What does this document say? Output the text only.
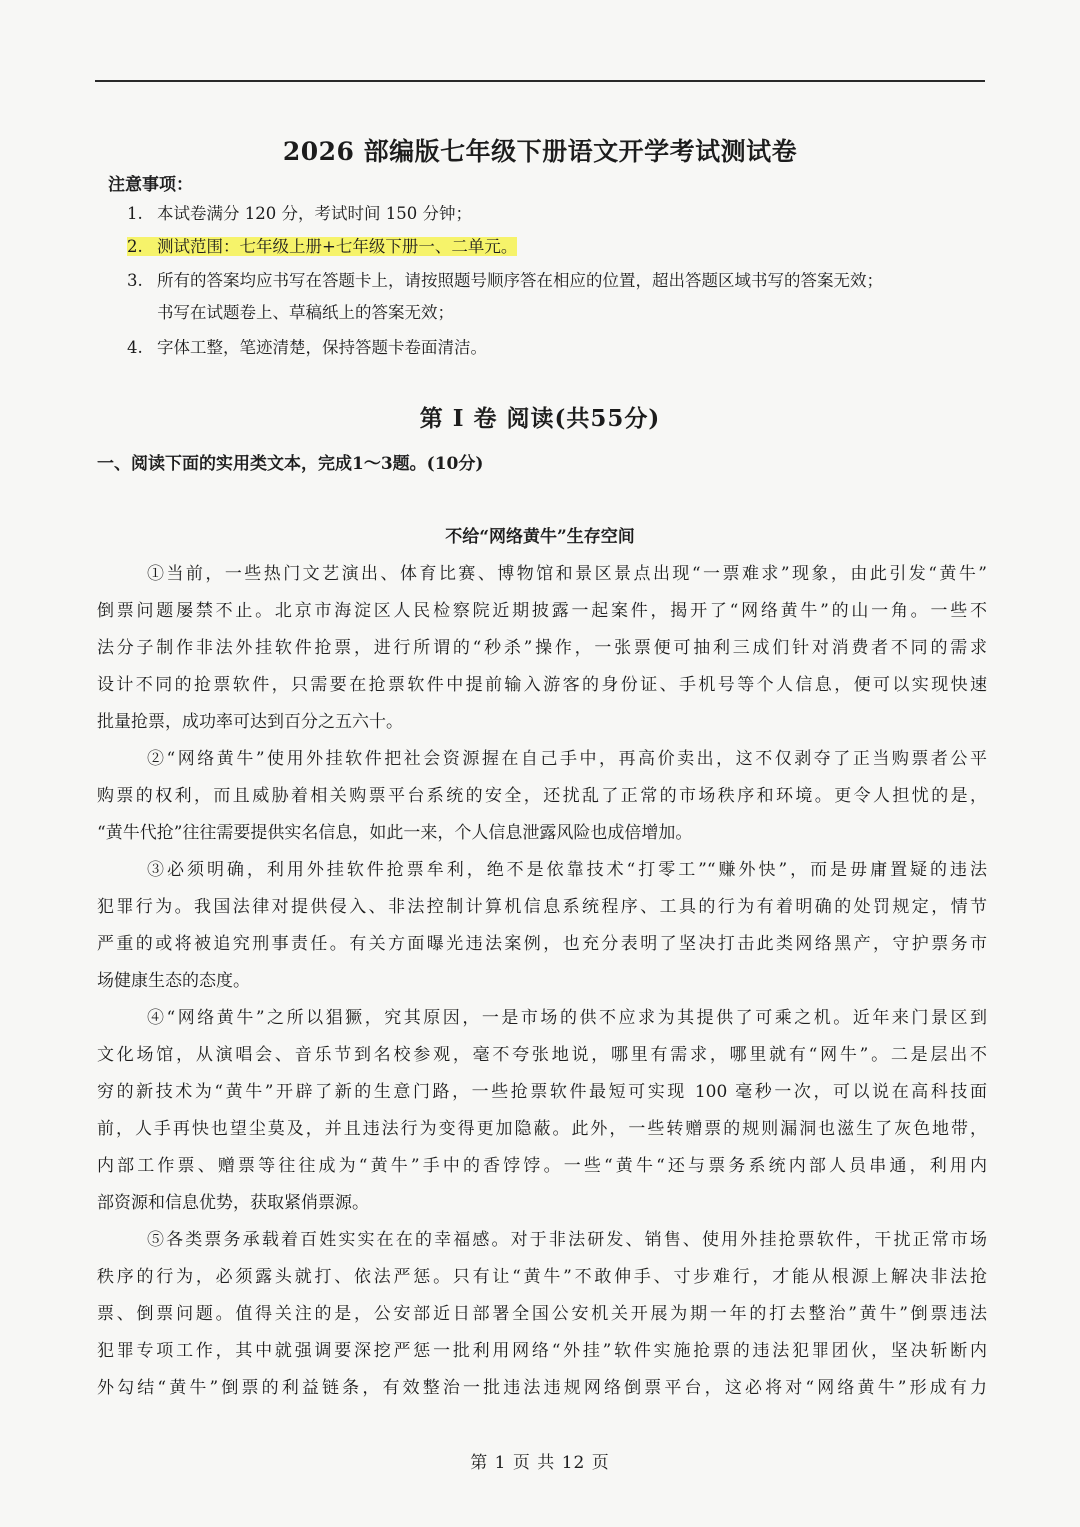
2026 部编版七年级下册语文开学考试测试卷
注意事项：
1. 本试卷满分 120 分，考试时间 150 分钟；
2. 测试范围：七年级上册+七年级下册一、二单元。
3. 所有的答案均应书写在答题卡上，请按照题号顺序答在相应的位置，超出答题区域书写的答案无效；
书写在试题卷上、草稿纸上的答案无效；
4. 字体工整，笔迹清楚，保持答题卡卷面清洁。
第 I 卷 阅读(共55分)
一、阅读下面的实用类文本，完成1～3题。(10分)
不给“网络黄牛”生存空间
①当前，一些热门文艺演出、体育比赛、博物馆和景区景点出现“一票难求”现象，由此引发“黄牛”
倒票问题屡禁不止。北京市海淀区人民检察院近期披露一起案件，揭开了“网络黄牛”的山一角。一些不
法分子制作非法外挂软件抢票，进行所谓的“秒杀”操作，一张票便可抽利三成们针对消费者不同的需求
设计不同的抢票软件，只需要在抢票软件中提前输入游客的身份证、手机号等个人信息，便可以实现快速
批量抢票，成功率可达到百分之五六十。
②“网络黄牛”使用外挂软件把社会资源握在自己手中，再高价卖出，这不仅剥夺了正当购票者公平
购票的权利，而且威胁着相关购票平台系统的安全，还扰乱了正常的市场秩序和环境。更令人担忧的是，
“黄牛代抢”往往需要提供实名信息，如此一来，个人信息泄露风险也成倍增加。
③必须明确，利用外挂软件抢票牟利，绝不是依靠技术“打零工”“赚外快”，而是毋庸置疑的违法
犯罪行为。我国法律对提供侵入、非法控制计算机信息系统程序、工具的行为有着明确的处罚规定，情节
严重的或将被追究刑事责任。有关方面曝光违法案例，也充分表明了坚决打击此类网络黑产，守护票务市
场健康生态的态度。
④“网络黄牛”之所以猖獗，究其原因，一是市场的供不应求为其提供了可乘之机。近年来门景区到
文化场馆，从演唱会、音乐节到名校参观，毫不夸张地说，哪里有需求，哪里就有“网牛”。二是层出不
穷的新技术为“黄牛”开辟了新的生意门路，一些抢票软件最短可实现 100 毫秒一次，可以说在高科技面
前，人手再快也望尘莫及，并且违法行为变得更加隐蔽。此外，一些转赠票的规则漏洞也滋生了灰色地带，
内部工作票、赠票等往往成为“黄牛”手中的香饽饽。一些“黄牛“还与票务系统内部人员串通，利用内
部资源和信息优势，获取紧俏票源。
⑤各类票务承载着百姓实实在在的幸福感。对于非法研发、销售、使用外挂抢票软件，干扰正常市场
秩序的行为，必须露头就打、依法严惩。只有让“黄牛”不敢伸手、寸步难行，才能从根源上解决非法抢
票、倒票问题。值得关注的是，公安部近日部署全国公安机关开展为期一年的打去整治”黄牛”倒票违法
犯罪专项工作，其中就强调要深挖严惩一批利用网络“外挂”软件实施抢票的违法犯罪团伙，坚决斩断内
外勾结“黄牛”倒票的利益链条，有效整治一批违法违规网络倒票平台，这必将对“网络黄牛”形成有力
第 1 页 共 12 页
